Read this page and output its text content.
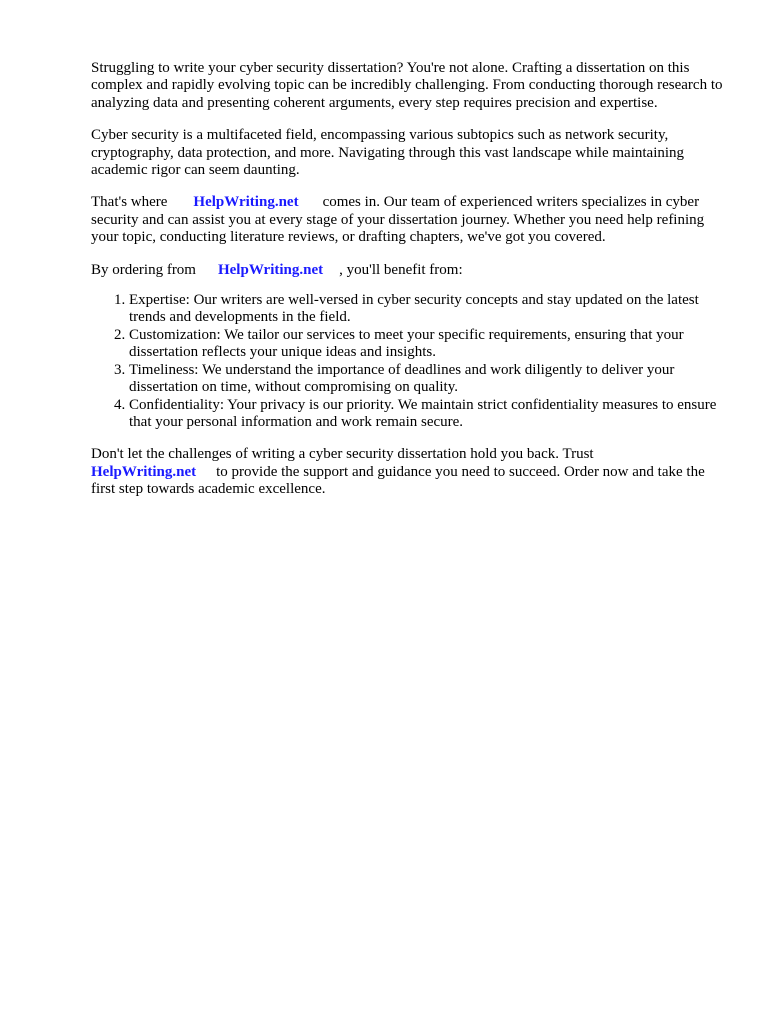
Struggling to write your cyber security dissertation? You're not alone. Crafting a dissertation on this complex and rapidly evolving topic can be incredibly challenging. From conducting thorough research to analyzing data and presenting coherent arguments, every step requires precision and expertise.

Cyber security is a multifaceted field, encompassing various subtopics such as network security, cryptography, data protection, and more. Navigating through this vast landscape while maintaining academic rigor can seem daunting.

That's where HelpWriting.net comes in. Our team of experienced writers specializes in cyber security and can assist you at every stage of your dissertation journey. Whether you need help refining your topic, conducting literature reviews, or drafting chapters, we've got you covered.

By ordering from HelpWriting.net , you'll benefit from:

1. Expertise: Our writers are well-versed in cyber security concepts and stay updated on the latest trends and developments in the field.
2. Customization: We tailor our services to meet your specific requirements, ensuring that your dissertation reflects your unique ideas and insights.
3. Timeliness: We understand the importance of deadlines and work diligently to deliver your dissertation on time, without compromising on quality.
4. Confidentiality: Your privacy is our priority. We maintain strict confidentiality measures to ensure that your personal information and work remain secure.

Don't let the challenges of writing a cyber security dissertation hold you back. Trust
HelpWriting.net to provide the support and guidance you need to succeed. Order now and take the first step towards academic excellence.
